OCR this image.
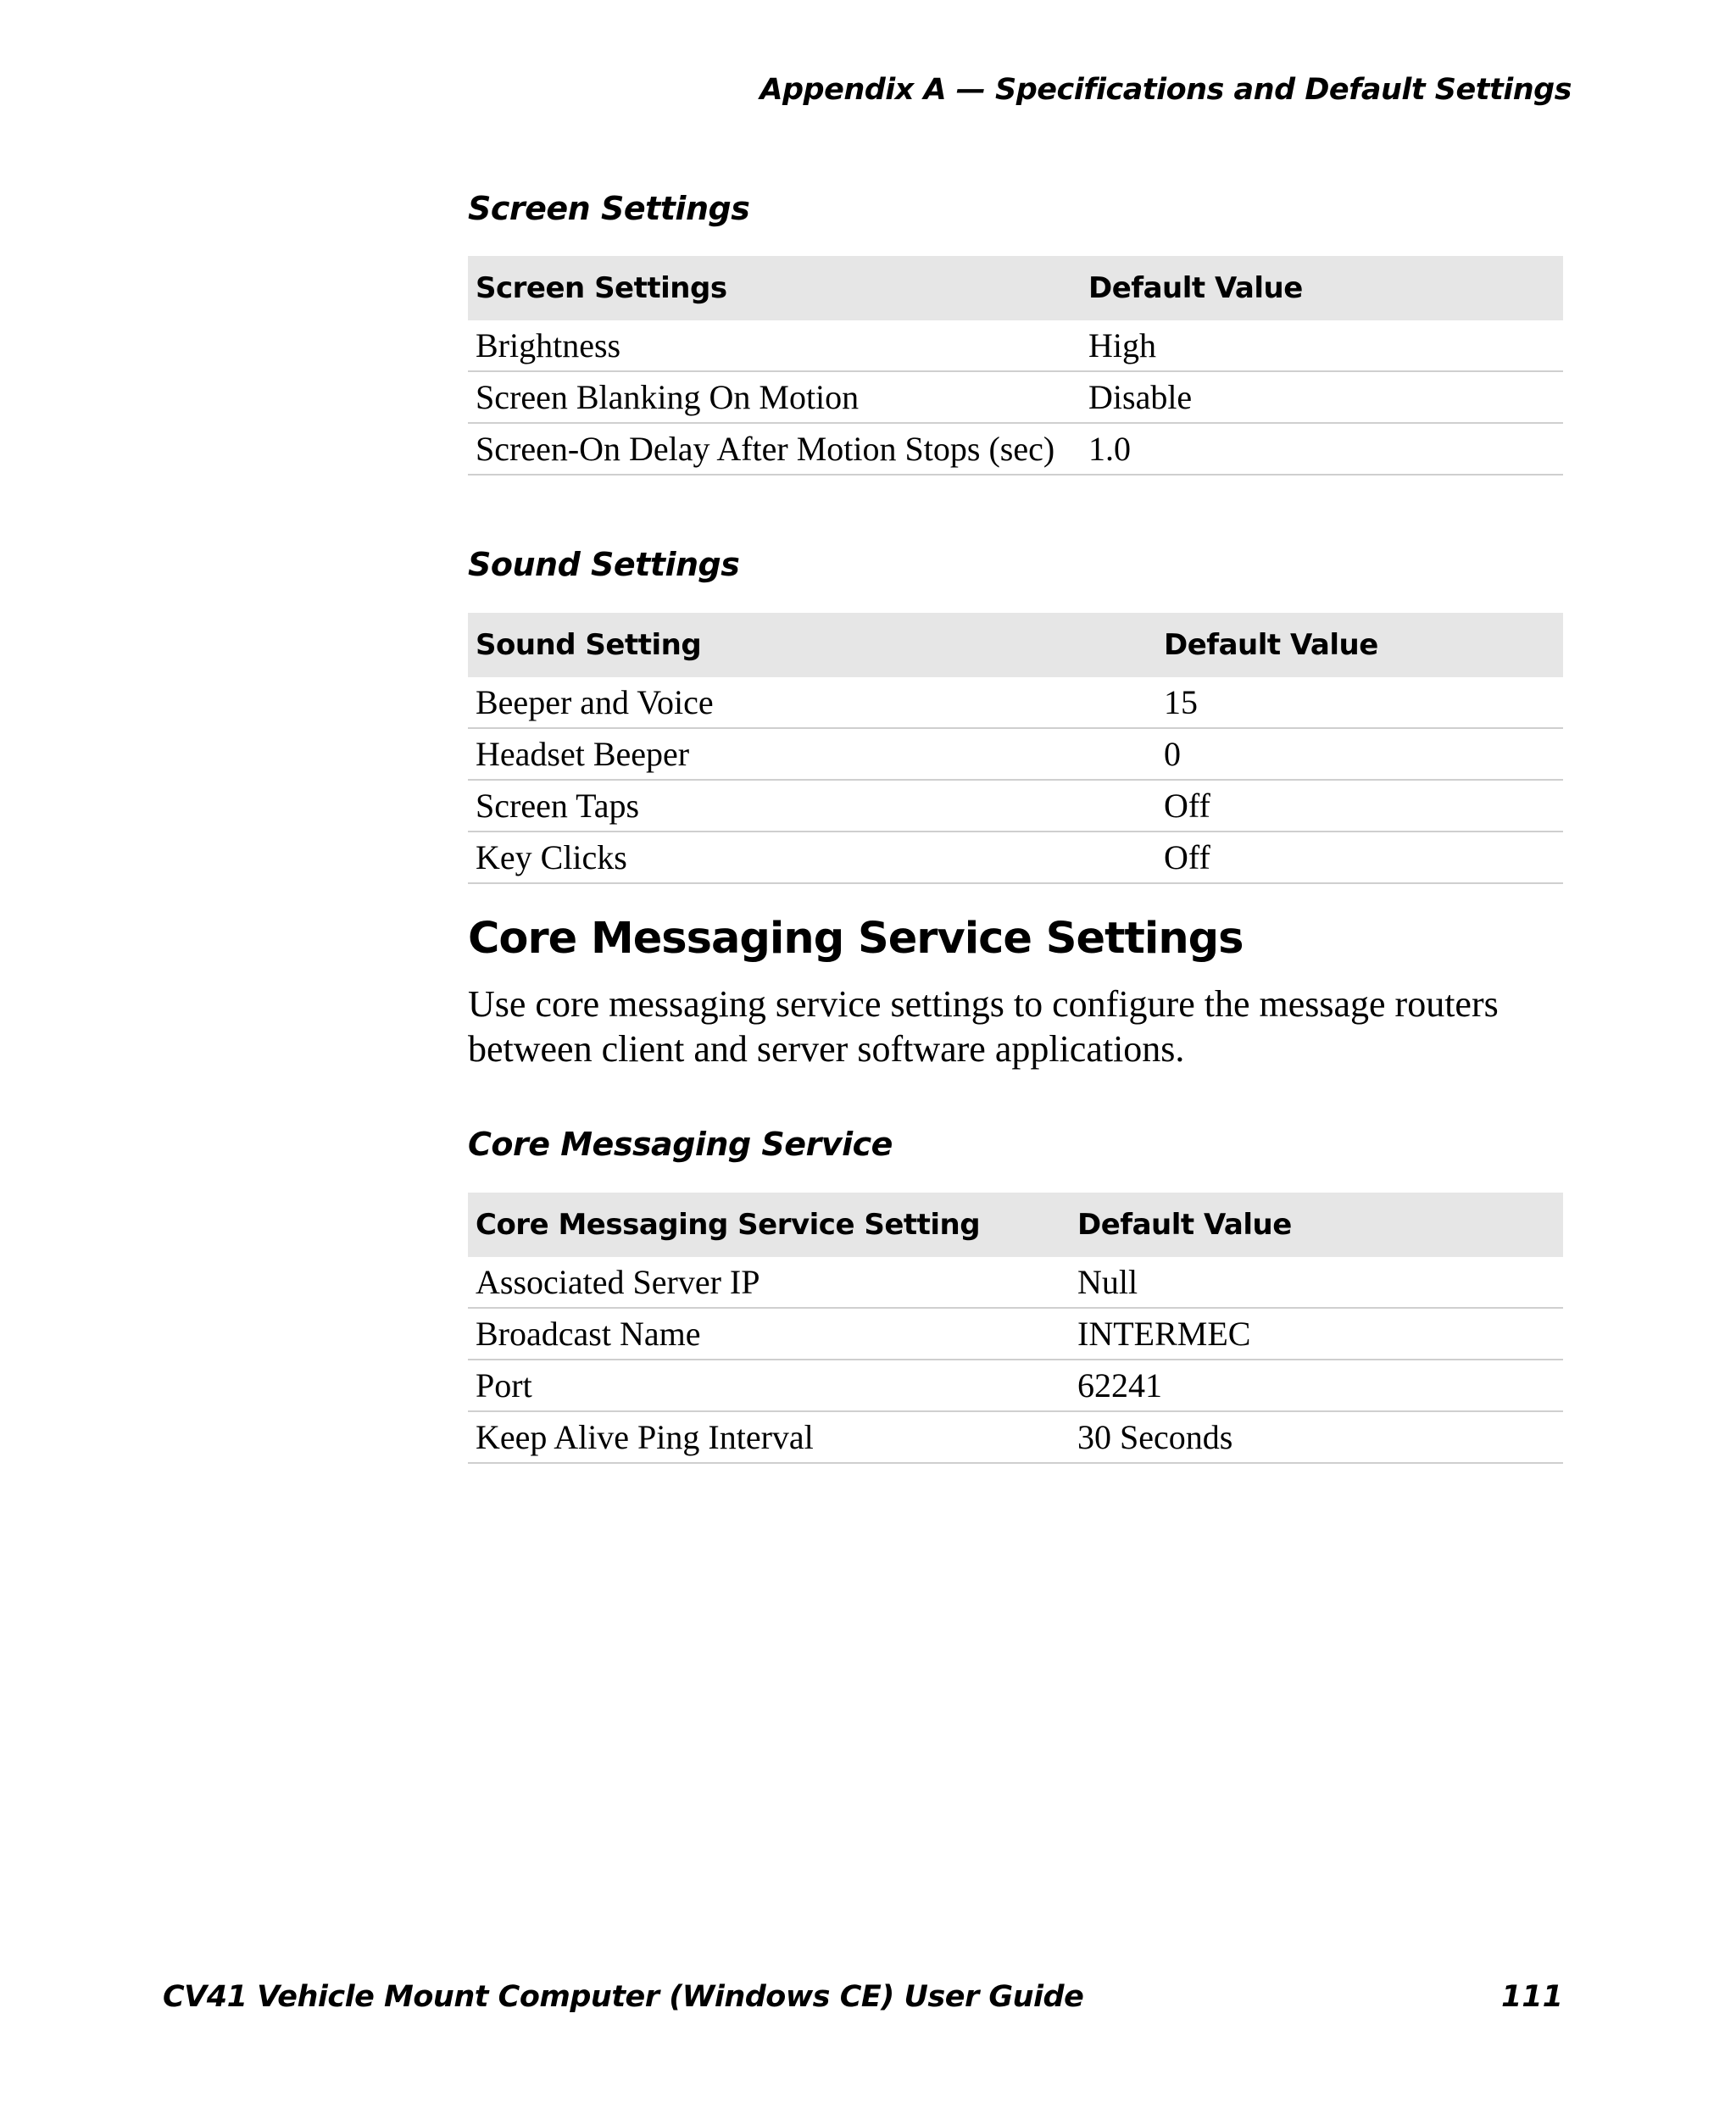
Appendix A — Specifications and Default Settings
Screen Settings
Screen Settings	Default Value
Brightness	High
Screen Blanking On Motion	Disable
Screen-On Delay After Motion Stops (sec)	1.0
Sound Settings
Sound Setting	Default Value
Beeper and Voice	15
Headset Beeper	0
Screen Taps	Off
Key Clicks	Off
Core Messaging Service Settings

Use core messaging service settings to configure the message routers between client and server software applications.

Core Messaging Service
Core Messaging Service Setting	Default Value
Associated Server IP	Null
Broadcast Name	INTERMEC
Port	62241
Keep Alive Ping Interval	30 Seconds
CV41 Vehicle Mount Computer (Windows CE) User Guide	111
